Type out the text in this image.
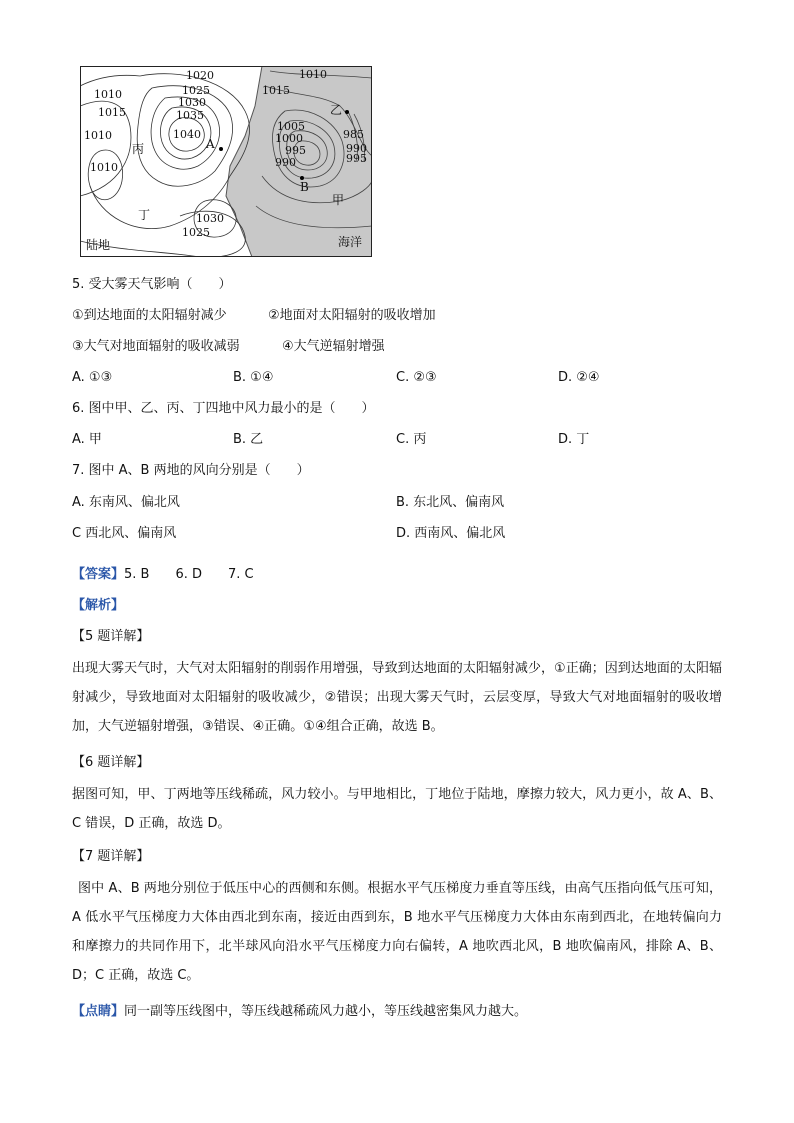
1010
1015
1010
1010
1020
1025
1030
1035
1040
1030
1025
1010
1015
1005
1000
995
990
985
990
995
丙
丁
甲
乙
A
B
陆地	海洋
5. 受大雾天气影响（　　）
①到达地面的太阳辐射减少	②地面对太阳辐射的吸收增加
③大气对地面辐射的吸收减弱	④大气逆辐射增强
A. ①③	B. ①④	C. ②③	D. ②④
6. 图中甲、乙、丙、丁四地中风力最小的是（　　）
A. 甲	B. 乙	C. 丙	D. 丁
7. 图中 A、B 两地的风向分别是（　　）
A. 东南风、偏北风	B. 东北风、偏南风
C 西北风、偏南风	D. 西南风、偏北风
【答案】5. B　　6. D　　7. C
【解析】
【5 题详解】
出现大雾天气时，大气对太阳辐射的削弱作用增强，导致到达地面的太阳辐射减少，①正确；因到达地面的太阳辐射减少，导致地面对太阳辐射的吸收减少，②错误；出现大雾天气时，云层变厚，导致大气对地面辐射的吸收增加，大气逆辐射增强，③错误、④正确。①④组合正确，故选 B。
【6 题详解】
据图可知，甲、丁两地等压线稀疏，风力较小。与甲地相比，丁地位于陆地，摩擦力较大，风力更小，故 A、B、C 错误，D 正确，故选 D。
【7 题详解】
图中 A、B 两地分别位于低压中心的西侧和东侧。根据水平气压梯度力垂直等压线，由高气压指向低气压可知，A 低水平气压梯度力大体由西北到东南，接近由西到东，B 地水平气压梯度力大体由东南到西北，在地转偏向力和摩擦力的共同作用下，北半球风向沿水平气压梯度力向右偏转，A 地吹西北风，B 地吹偏南风，排除 A、B、D；C 正确，故选 C。
【点睛】同一副等压线图中，等压线越稀疏风力越小，等压线越密集风力越大。
